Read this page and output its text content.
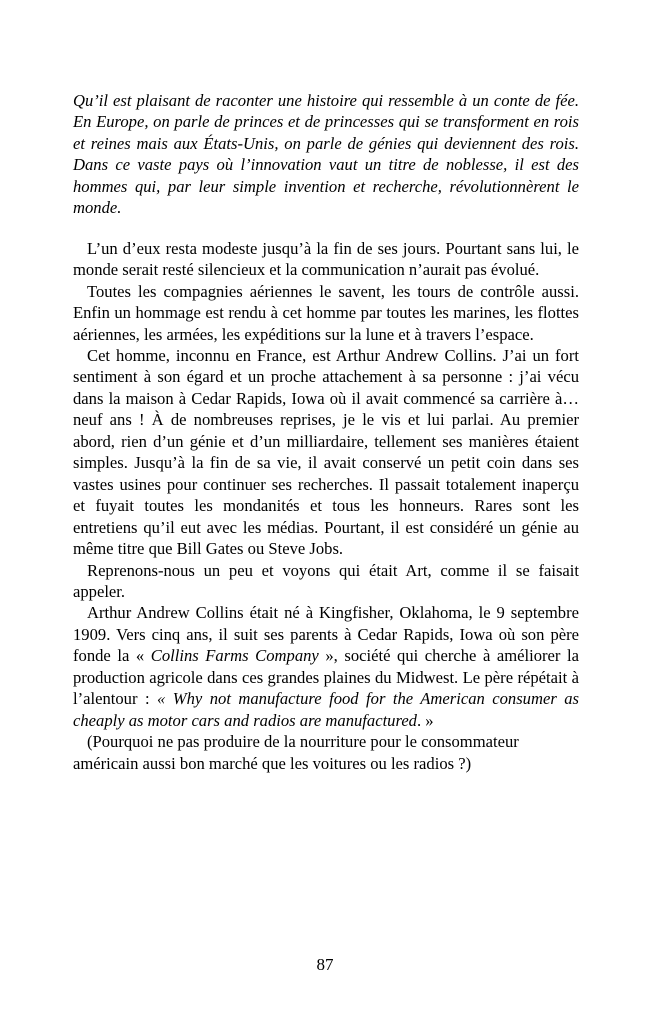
Qu’il est plaisant de raconter une histoire qui ressemble à un conte de fée. En Europe, on parle de princes et de princesses qui se transforment en rois et reines mais aux États-Unis, on parle de génies qui deviennent des rois. Dans ce vaste pays où l’innovation vaut un titre de noblesse, il est des hommes qui, par leur simple invention et recherche, révolutionnèrent le monde.

L’un d’eux resta modeste jusqu’à la fin de ses jours. Pourtant sans lui, le monde serait resté silencieux et la communication n’aurait pas évolué.

Toutes les compagnies aériennes le savent, les tours de contrôle aussi. Enfin un hommage est rendu à cet homme par toutes les marines, les flottes aériennes, les armées, les expéditions sur la lune et à travers l’espace.

Cet homme, inconnu en France, est Arthur Andrew Collins. J’ai un fort sentiment à son égard et un proche attachement à sa personne : j’ai vécu dans la maison à Cedar Rapids, Iowa où il avait commencé sa carrière à… neuf ans ! À de nombreuses reprises, je le vis et lui parlai. Au premier abord, rien d’un génie et d’un milliardaire, tellement ses manières étaient simples. Jusqu’à la fin de sa vie, il avait conservé un petit coin dans ses vastes usines pour continuer ses recherches. Il passait totalement inaperçu et fuyait toutes les mondanités et tous les honneurs. Rares sont les entretiens qu’il eut avec les médias. Pourtant, il est considéré un génie au même titre que Bill Gates ou Steve Jobs.

Reprenons-nous un peu et voyons qui était Art, comme il se faisait appeler.

Arthur Andrew Collins était né à Kingfisher, Oklahoma, le 9 septembre 1909. Vers cinq ans, il suit ses parents à Cedar Rapids, Iowa où son père fonde la « Collins Farms Company », société qui cherche à améliorer la production agricole dans ces grandes plaines du Midwest. Le père répétait à l’alentour : « Why not manufacture food for the American consumer as cheaply as motor cars and radios are manufactured. »

(Pourquoi ne pas produire de la nourriture pour le consommateur américain aussi bon marché que les voitures ou les radios ?)

87
